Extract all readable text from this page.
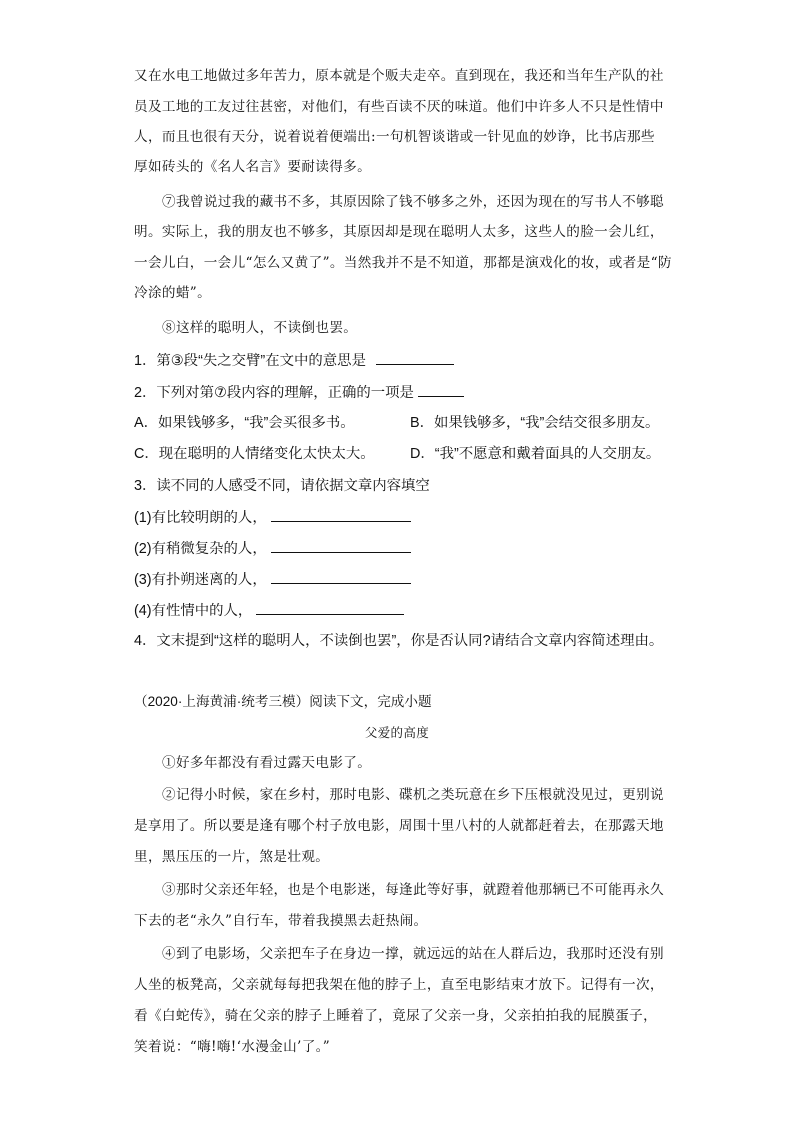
又在水电工地做过多年苦力，原本就是个贩夫走卒。直到现在，我还和当年生产队的社
员及工地的工友过往甚密，对他们，有些百读不厌的味道。他们中许多人不只是性情中
人，而且也很有天分，说着说着便端出:一句机智谈谐或一针见血的妙诤，比书店那些
厚如砖头的《名人名言》要耐读得多。
⑦我曾说过我的藏书不多，其原因除了钱不够多之外，还因为现在的写书人不够聪
明。实际上，我的朋友也不够多，其原因却是现在聪明人太多，这些人的脸一会儿红，
一会儿白，一会儿“怎么又黄了”。当然我并不是不知道，那都是演戏化的妆，或者是“防
冷涂的蜡”。
⑧这样的聪明人，不读倒也罢。
1．第③段“失之交臂”在文中的意思是
2．下列对第⑦段内容的理解，正确的一项是
A．如果钱够多，“我”会买很多书。	B．如果钱够多，“我”会结交很多朋友。
C．现在聪明的人情绪变化太快太大。 D．“我”不愿意和戴着面具的人交朋友。
3．读不同的人感受不同，请依据文章内容填空
(1)有比较明朗的人，
(2)有稍微复杂的人，
(3)有扑朔迷离的人，
(4)有性情中的人，
4．文末提到“这样的聪明人，不读倒也罢”，你是否认同?请结合文章内容简述理由。
（2020·上海黄浦·统考三模）阅读下文，完成小题
父爱的高度
①好多年都没有看过露天电影了。
②记得小时候，家在乡村，那时电影、碟机之类玩意在乡下压根就没见过，更别说
是享用了。所以要是逢有哪个村子放电影，周围十里八村的人就都赶着去，在那露天地
里，黑压压的一片，煞是壮观。
③那时父亲还年轻，也是个电影迷，每逢此等好事，就蹬着他那辆已不可能再永久
下去的老“永久”自行车，带着我摸黑去赶热闹。
④到了电影场，父亲把车子在身边一撑，就远远的站在人群后边，我那时还没有别
人坐的板凳高，父亲就每每把我架在他的脖子上，直至电影结束才放下。记得有一次，
看《白蛇传》，骑在父亲的脖子上睡着了，竟尿了父亲一身，父亲拍拍我的屁膜蛋子，
笑着说：“嗨!嗨!‘水漫金山’了。”
